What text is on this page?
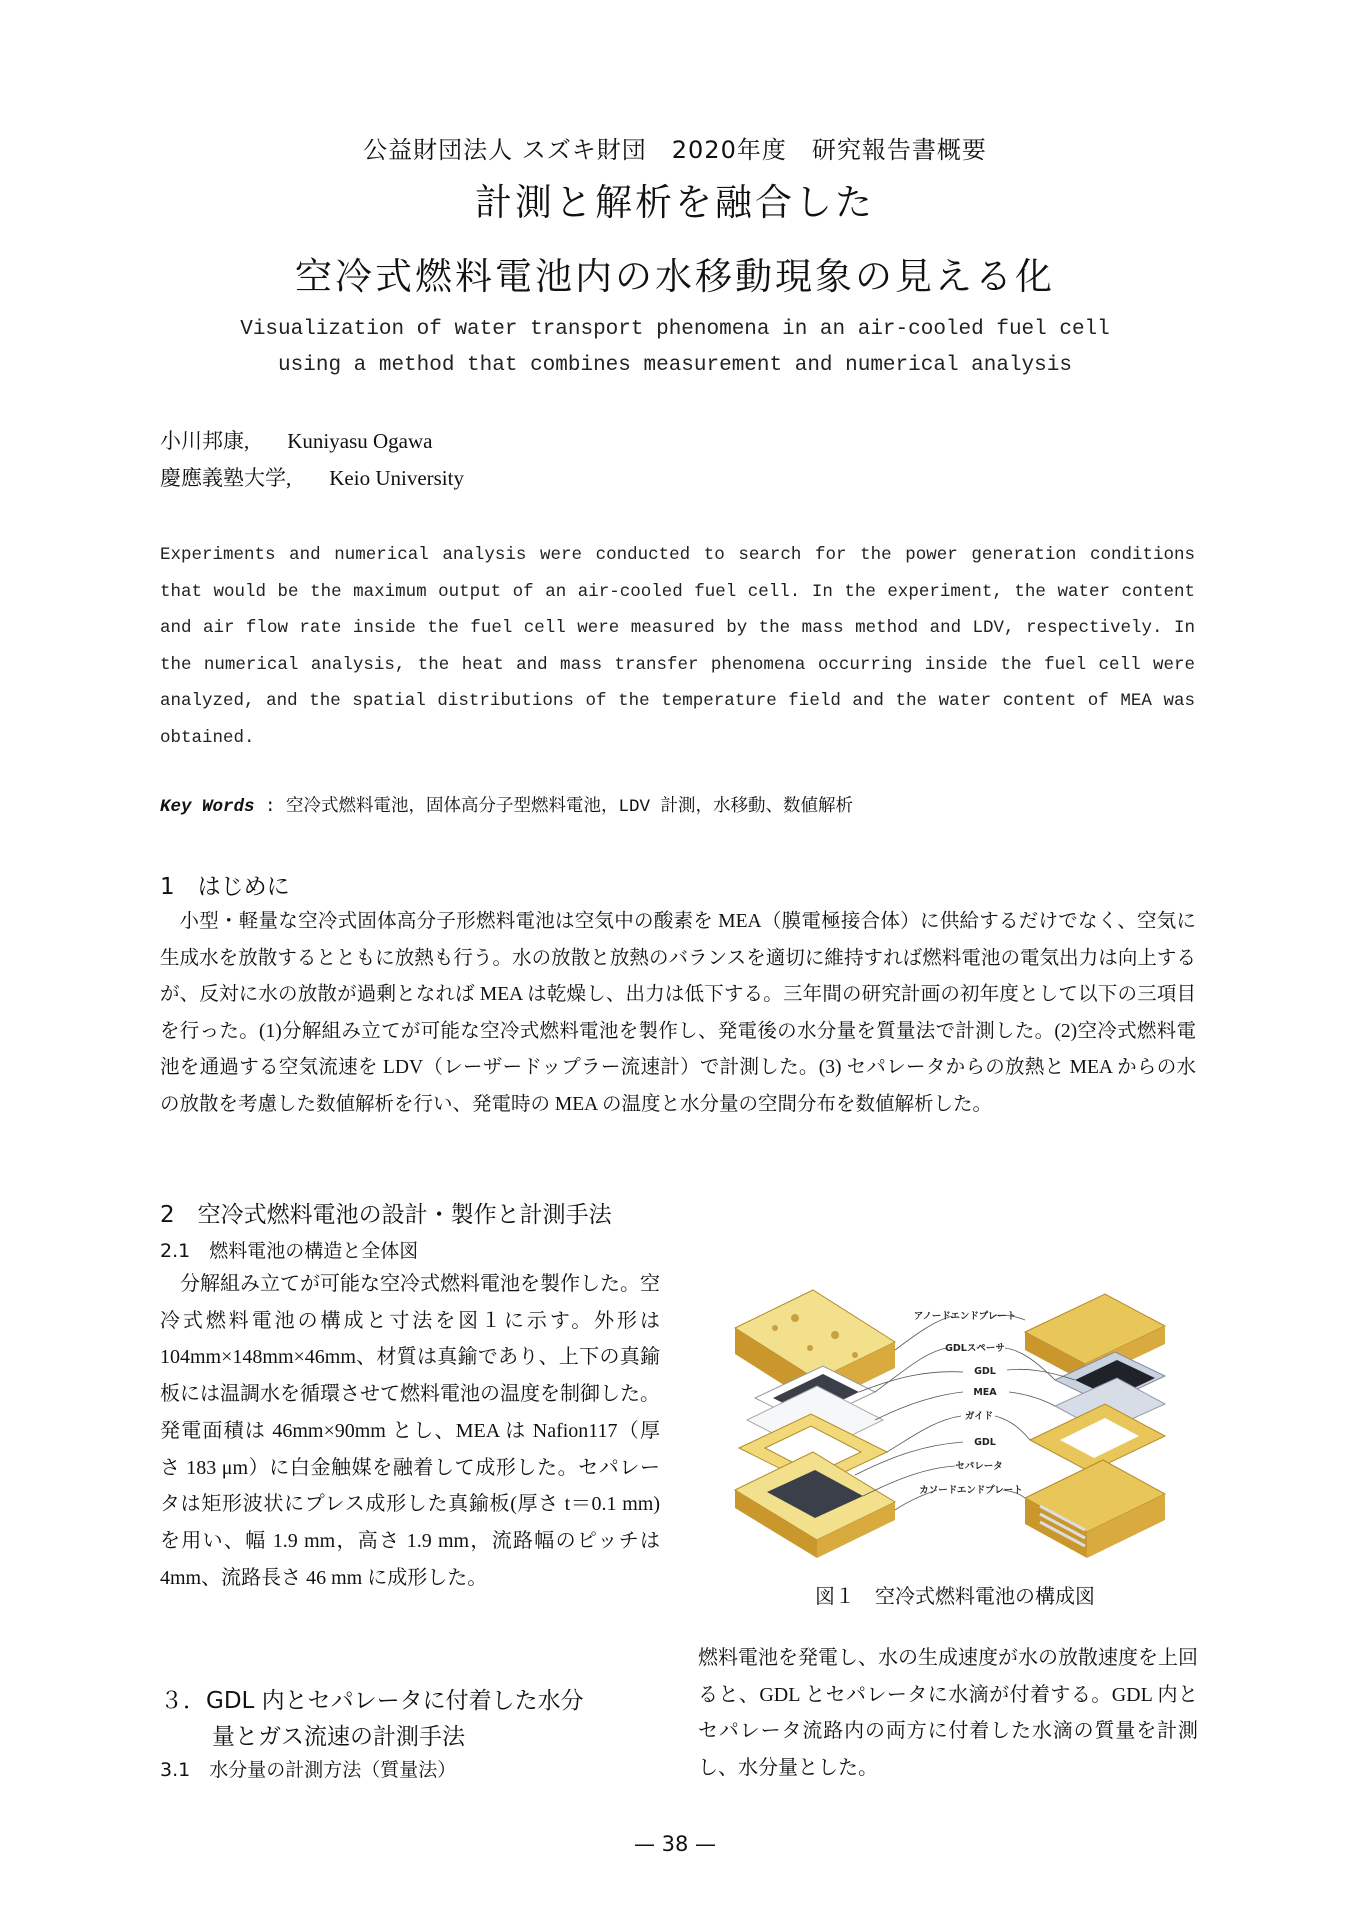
公益財団法人 スズキ財団　2020年度　研究報告書概要
計測と解析を融合した
空冷式燃料電池内の水移動現象の見える化
Visualization of water transport phenomena in an air-cooled fuel cell
using a method that combines measurement and numerical analysis
小川邦康, Kuniyasu Ogawa
慶應義塾大学, Keio University
Experiments and numerical analysis were conducted to search for the power generation conditions that would be the maximum output of an air-cooled fuel cell. In the experiment, the water content and air flow rate inside the fuel cell were measured by the mass method and LDV, respectively. In the numerical analysis, the heat and mass transfer phenomena occurring inside the fuel cell were analyzed, and the spatial distributions of the temperature field and the water content of MEA was obtained.
Key Words : 空冷式燃料電池，固体高分子型燃料電池，LDV 計測，水移動、数値解析
1　はじめに

小型・軽量な空冷式固体高分子形燃料電池は空気中の酸素を MEA（膜電極接合体）に供給するだけでなく、空気に生成水を放散するとともに放熱も行う。水の放散と放熱のバランスを適切に維持すれば燃料電池の電気出力は向上するが、反対に水の放散が過剰となれば MEA は乾燥し、出力は低下する。三年間の研究計画の初年度として以下の三項目を行った。(1)分解組み立てが可能な空冷式燃料電池を製作し、発電後の水分量を質量法で計測した。(2)空冷式燃料電池を通過する空気流速を LDV（レーザードップラー流速計）で計測した。(3) セパレータからの放熱と MEA からの水の放散を考慮した数値解析を行い、発電時の MEA の温度と水分量の空間分布を数値解析した。

2　空冷式燃料電池の設計・製作と計測手法
2.1　燃料電池の構造と全体図

分解組み立てが可能な空冷式燃料電池を製作した。空冷式燃料電池の構成と寸法を図１に示す。外形は 104mm×148mm×46mm、材質は真鍮であり、上下の真鍮板には温調水を循環させて燃料電池の温度を制御した。発電面積は 46mm×90mm とし、MEA は Nafion117（厚さ 183 μm）に白金触媒を融着して成形した。セパレータは矩形波状にプレス成形した真鍮板(厚さ t＝0.1 mm)を用い、幅 1.9 mm，高さ 1.9 mm，流路幅のピッチは 4mm、流路長さ 46 mm に成形した。

３．GDL 内とセパレータに付着した水分
量とガス流速の計測手法
3.1　水分量の計測方法（質量法）
アノードエンドプレート
GDLスペーサ
GDL
MEA
ガイド
GDL
セパレータ
カソードエンドプレート
図１　空冷式燃料電池の構成図

燃料電池を発電し、水の生成速度が水の放散速度を上回ると、GDL とセパレータに水滴が付着する。GDL 内とセパレータ流路内の両方に付着した水滴の質量を計測し、水分量とした。

— 38 —
